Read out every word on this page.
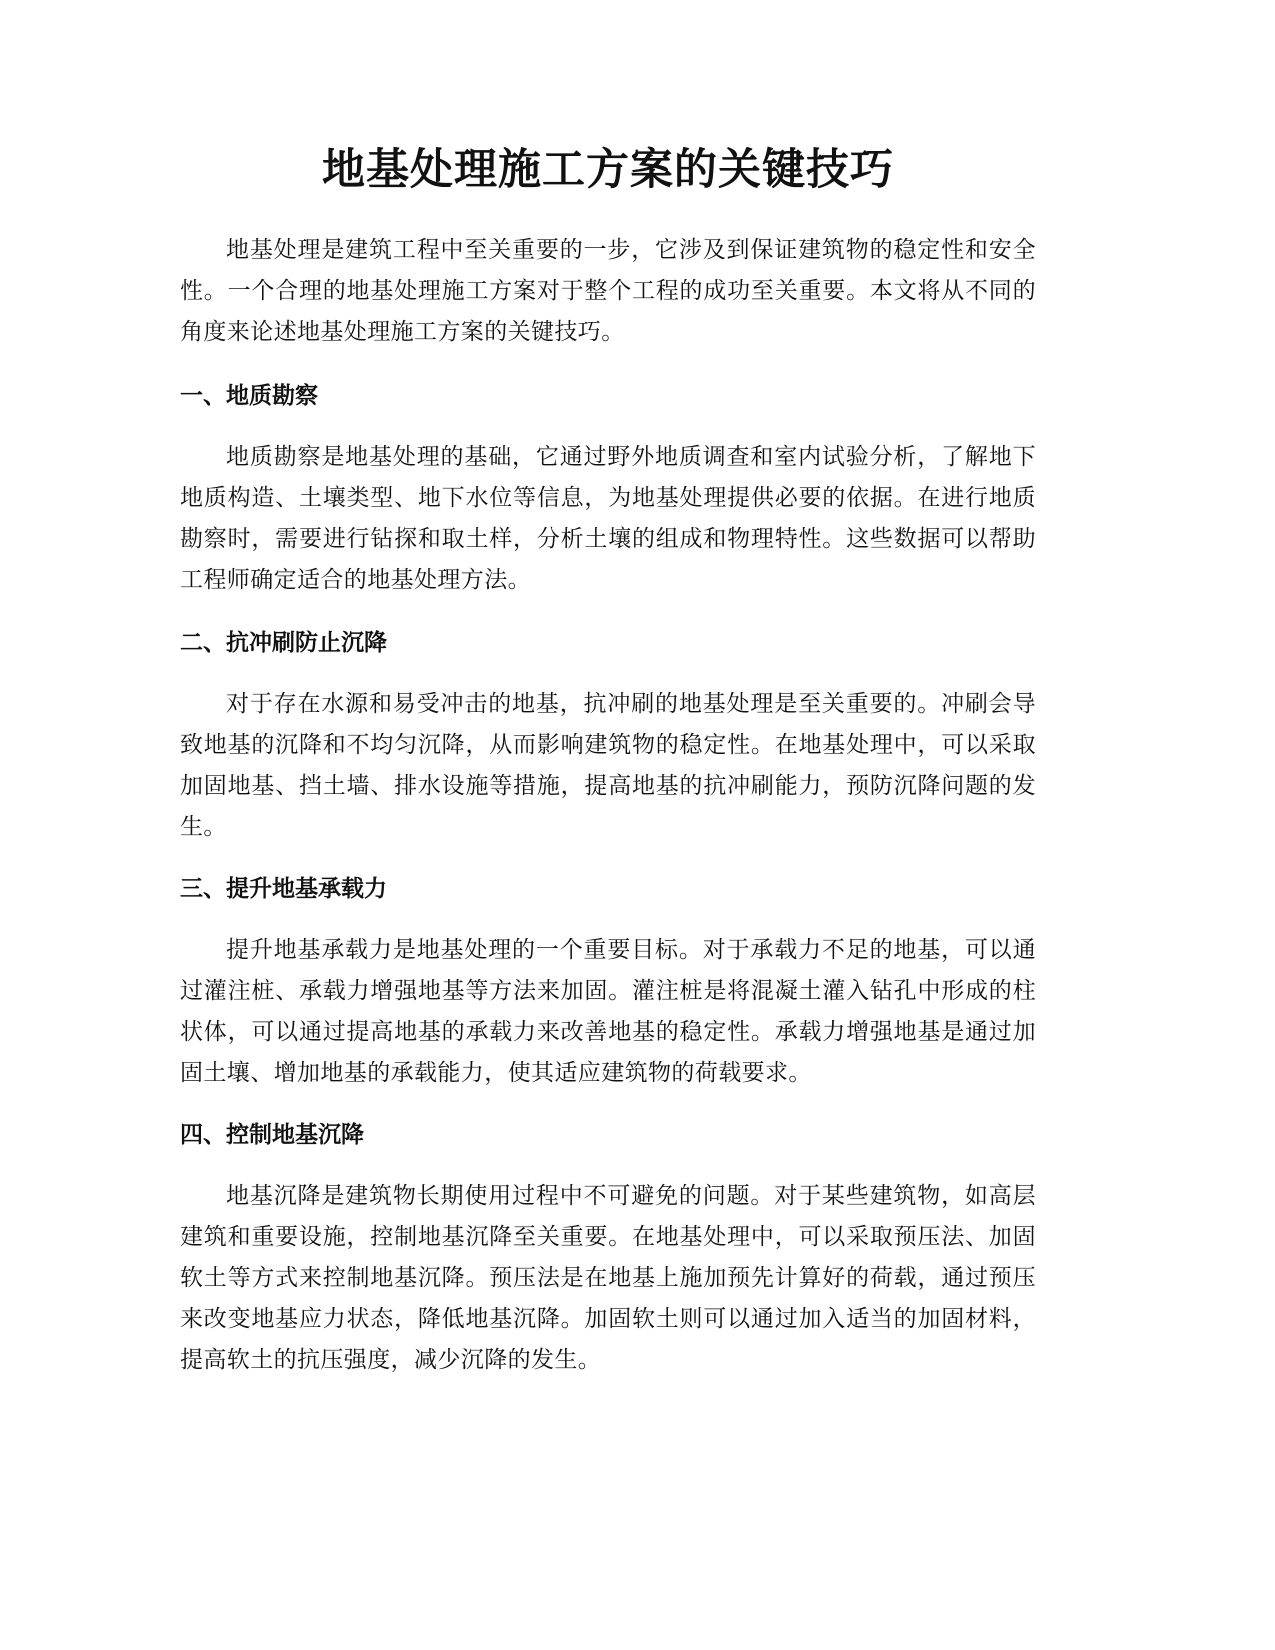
地基处理施工方案的关键技巧

地基处理是建筑工程中至关重要的一步，它涉及到保证建筑物的稳定性和安全性。一个合理的地基处理施工方案对于整个工程的成功至关重要。本文将从不同的角度来论述地基处理施工方案的关键技巧。

一、地质勘察

地质勘察是地基处理的基础，它通过野外地质调查和室内试验分析，了解地下地质构造、土壤类型、地下水位等信息，为地基处理提供必要的依据。在进行地质勘察时，需要进行钻探和取土样，分析土壤的组成和物理特性。这些数据可以帮助工程师确定适合的地基处理方法。

二、抗冲刷防止沉降

对于存在水源和易受冲击的地基，抗冲刷的地基处理是至关重要的。冲刷会导致地基的沉降和不均匀沉降，从而影响建筑物的稳定性。在地基处理中，可以采取加固地基、挡土墙、排水设施等措施，提高地基的抗冲刷能力，预防沉降问题的发生。

三、提升地基承载力

提升地基承载力是地基处理的一个重要目标。对于承载力不足的地基，可以通过灌注桩、承载力增强地基等方法来加固。灌注桩是将混凝土灌入钻孔中形成的柱状体，可以通过提高地基的承载力来改善地基的稳定性。承载力增强地基是通过加固土壤、增加地基的承载能力，使其适应建筑物的荷载要求。

四、控制地基沉降

地基沉降是建筑物长期使用过程中不可避免的问题。对于某些建筑物，如高层建筑和重要设施，控制地基沉降至关重要。在地基处理中，可以采取预压法、加固软土等方式来控制地基沉降。预压法是在地基上施加预先计算好的荷载，通过预压来改变地基应力状态，降低地基沉降。加固软土则可以通过加入适当的加固材料，提高软土的抗压强度，减少沉降的发生。
